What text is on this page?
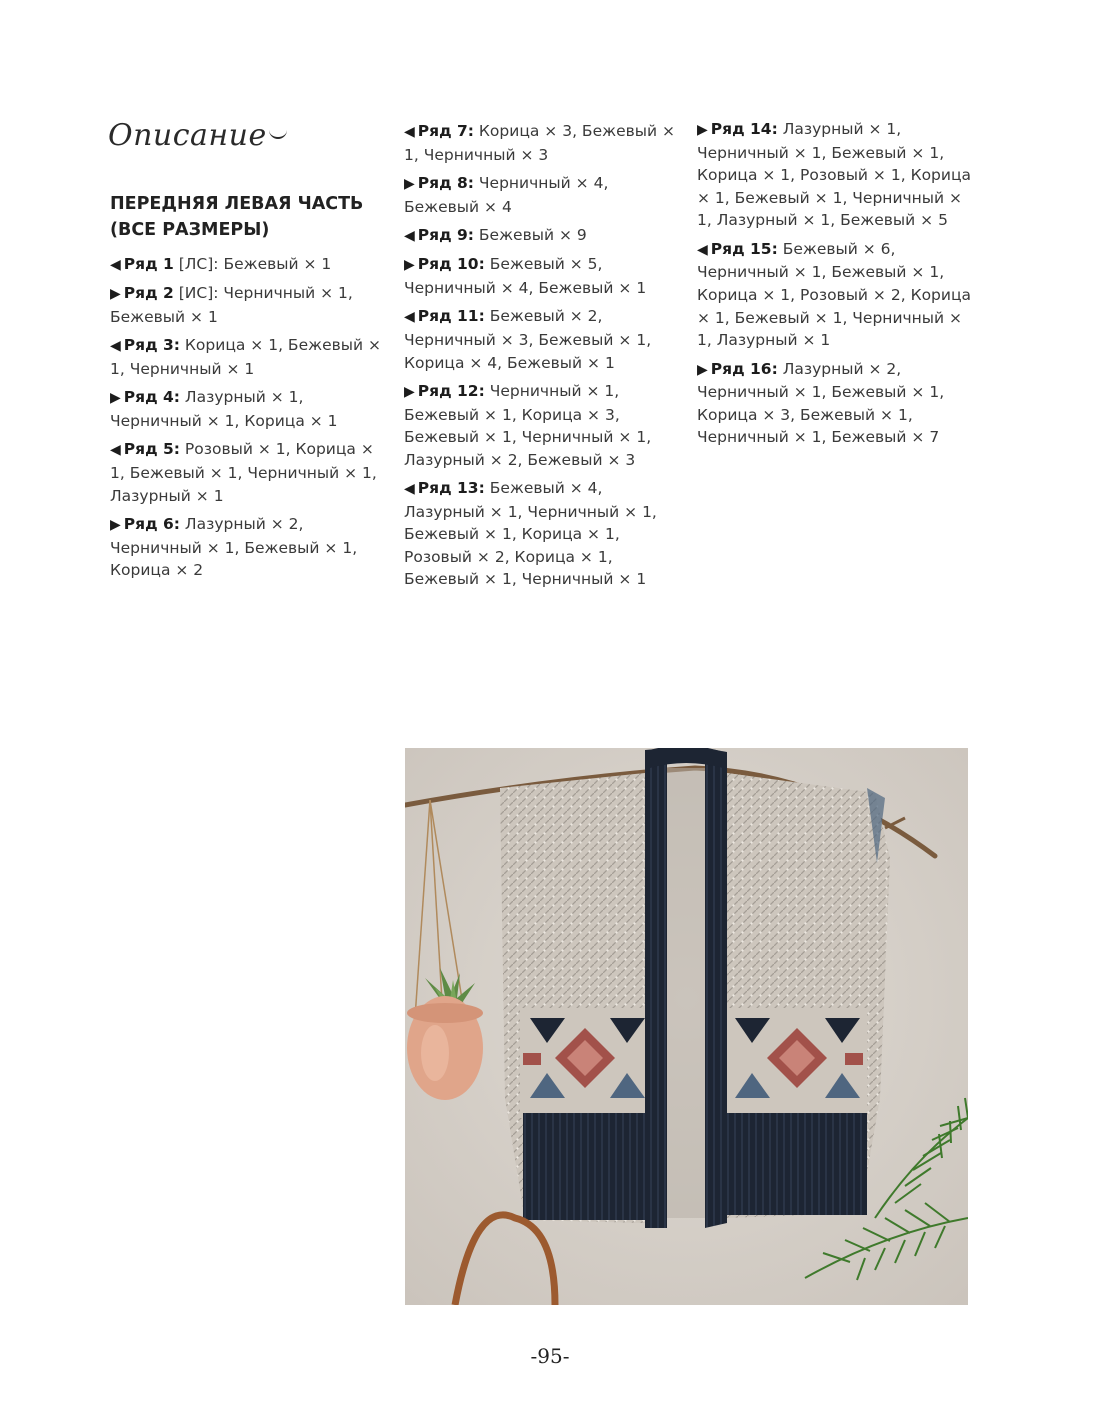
Описание
ПЕРЕДНЯЯ ЛЕВАЯ ЧАСТЬ (ВСЕ РАЗМЕРЫ)
◀ Ряд 1 [ЛС]: Бежевый × 1
▶ Ряд 2 [ИС]: Черничный × 1, Бежевый × 1
◀ Ряд 3: Корица × 1, Бежевый × 1, Черничный × 1
▶ Ряд 4: Лазурный × 1, Черничный × 1, Корица × 1
◀ Ряд 5: Розовый × 1, Корица × 1, Бежевый × 1, Черничный × 1, Лазурный × 1
▶ Ряд 6: Лазурный × 2, Черничный × 1, Бежевый × 1, Корица × 2
◀ Ряд 7: Корица × 3, Бежевый × 1, Черничный × 3
▶ Ряд 8: Черничный × 4, Бежевый × 4
◀ Ряд 9: Бежевый × 9
▶ Ряд 10: Бежевый × 5, Черничный × 4, Бежевый × 1
◀ Ряд 11: Бежевый × 2, Черничный × 3, Бежевый × 1, Корица × 4, Бежевый × 1
▶ Ряд 12: Черничный × 1, Бежевый × 1, Корица × 3, Бежевый × 1, Черничный × 1, Лазурный × 2, Бежевый × 3
◀ Ряд 13: Бежевый × 4, Лазурный × 1, Черничный × 1, Бежевый × 1, Корица × 1, Розовый × 2, Корица × 1, Бежевый × 1, Черничный × 1
▶ Ряд 14: Лазурный × 1, Черничный × 1, Бежевый × 1, Корица × 1, Розовый × 1, Корица × 1, Бежевый × 1, Черничный × 1, Лазурный × 1, Бежевый × 5
◀ Ряд 15: Бежевый × 6, Черничный × 1, Бежевый × 1, Корица × 1, Розовый × 2, Корица × 1, Бежевый × 1, Черничный × 1, Лазурный × 1
▶ Ряд 16: Лазурный × 2, Черничный × 1, Бежевый × 1, Корица × 3, Бежевый × 1, Черничный × 1, Бежевый × 7
-95-
